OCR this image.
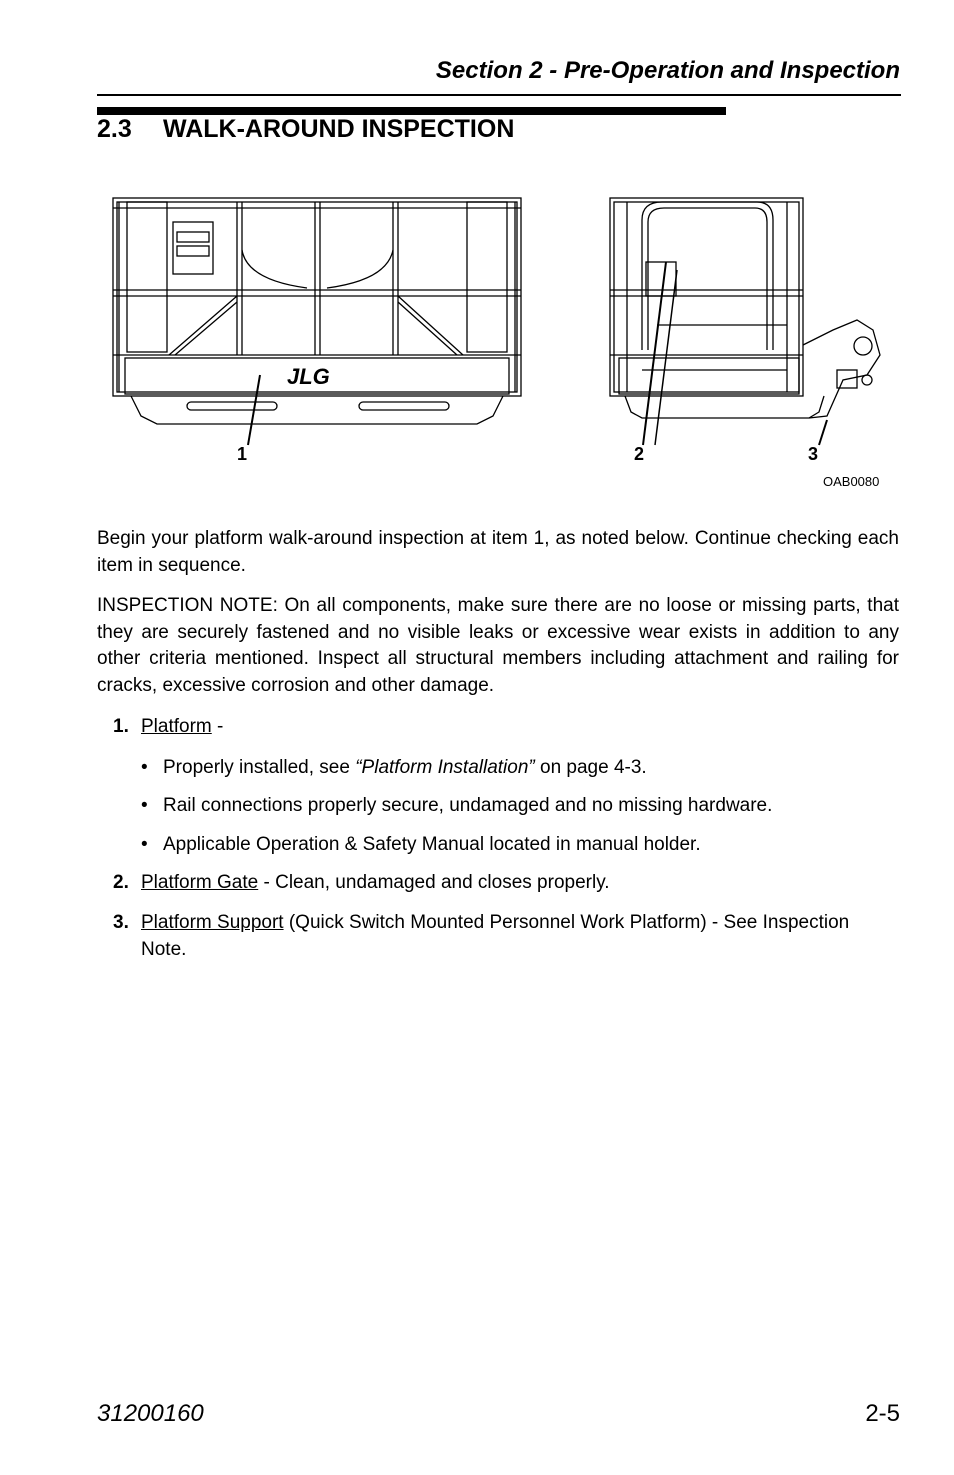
Section 2 - Pre-Operation and Inspection
2.3 WALK-AROUND INSPECTION
JLG
1	2	3
OAB0080
Begin your platform walk-around inspection at item 1, as noted below. Continue checking each item in sequence.
INSPECTION NOTE: On all components, make sure there are no loose or missing parts, that they are securely fastened and no visible leaks or excessive wear exists in addition to any other criteria mentioned. Inspect all structural members including attachment and railing for cracks, excessive corrosion and other damage.
1. Platform -
• Properly installed, see “Platform Installation” on page 4-3.
• Rail connections properly secure, undamaged and no missing hardware.
• Applicable Operation & Safety Manual located in manual holder.
2. Platform Gate - Clean, undamaged and closes properly.
3. Platform Support (Quick Switch Mounted Personnel Work Platform) - See Inspection Note.
31200160	2-5
